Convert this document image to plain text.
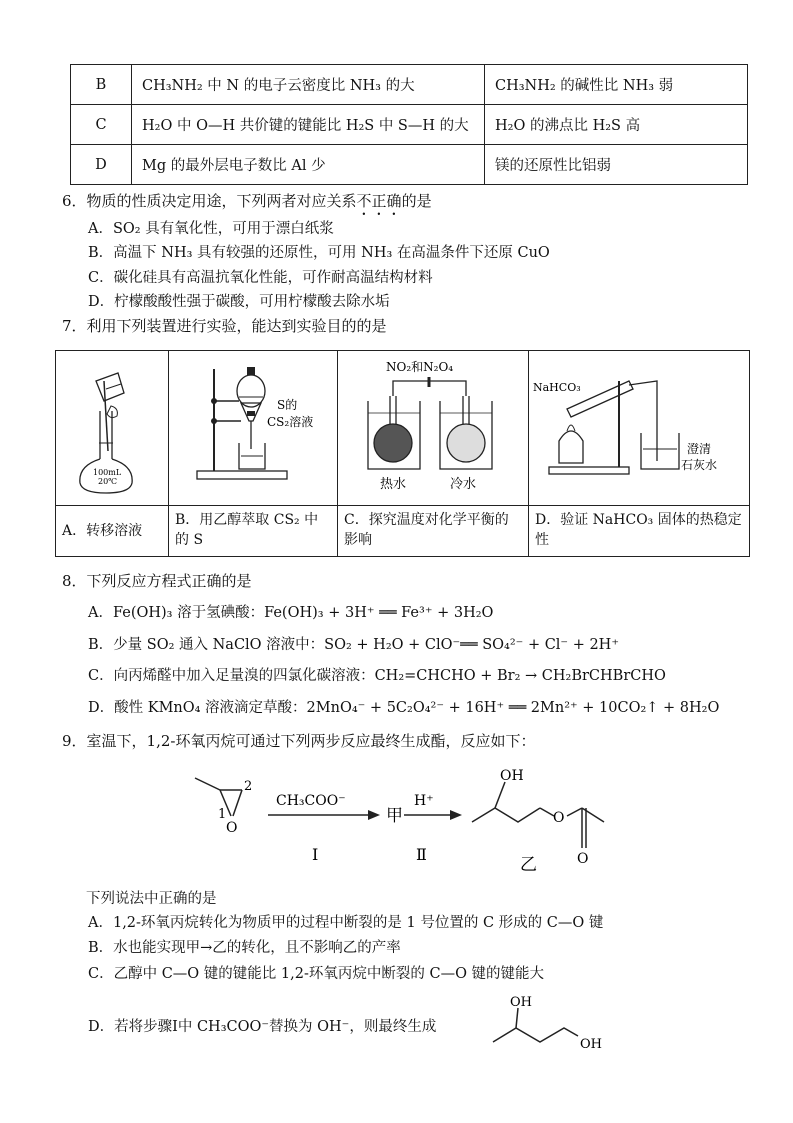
B	CH₃NH₂ 中 N 的电子云密度比 NH₃ 的大	CH₃NH₂ 的碱性比 NH₃ 弱
C	H₂O 中 O—H 共价键的键能比 H₂S 中 S—H 的大	H₂O 的沸点比 H₂S 高
D	Mg 的最外层电子数比 Al 少	镁的还原性比铝弱
6．物质的性质决定用途，下列两者对应关系不正确的是
A．SO₂ 具有氧化性，可用于漂白纸浆
B．高温下 NH₃ 具有较强的还原性，可用 NH₃ 在高温条件下还原 CuO
C．碳化硅具有高温抗氧化性能，可作耐高温结构材料
D．柠檬酸酸性强于碳酸，可用柠檬酸去除水垢
7．利用下列装置进行实验，能达到实验目的的是
100mL
20℃	S的
CS₂溶液	NO₂和N₂O₄
热水 冷水	NaHCO₃
澄清
石灰水

A．转移溶液	B．用乙醇萃取 CS₂ 中的 S	C．探究温度对化学平衡的影响	D．验证 NaHCO₃ 固体的热稳定性
8．下列反应方程式正确的是
A．Fe(OH)₃ 溶于氢碘酸：Fe(OH)₃ + 3H⁺ ══ Fe³⁺ + 3H₂O
B．少量 SO₂ 通入 NaClO 溶液中：SO₂ + H₂O + ClO⁻══ SO₄²⁻ + Cl⁻ + 2H⁺
C．向丙烯醛中加入足量溴的四氯化碳溶液：CH₂=CHCHO + Br₂ → CH₂BrCHBrCHO
D．酸性 KMnO₄ 溶液滴定草酸：2MnO₄⁻ + 5C₂O₄²⁻ + 16H⁺ ══ 2Mn²⁺ + 10CO₂↑ + 8H₂O
9．室温下，1,2-环氧丙烷可通过下列两步反应最终生成酯，反应如下：
1
2
O
CH₃COO⁻
Ⅰ
甲
H⁺
Ⅱ
OH
O
O
乙
下列说法中正确的是
A．1,2-环氧丙烷转化为物质甲的过程中断裂的是 1 号位置的 C 形成的 C—O 键
B．水也能实现甲→乙的转化，且不影响乙的产率
C．乙醇中 C—O 键的键能比 1,2-环氧丙烷中断裂的 C—O 键的键能大
D．若将步骤Ⅰ中 CH₃COO⁻替换为 OH⁻，则最终生成
OH
OH
